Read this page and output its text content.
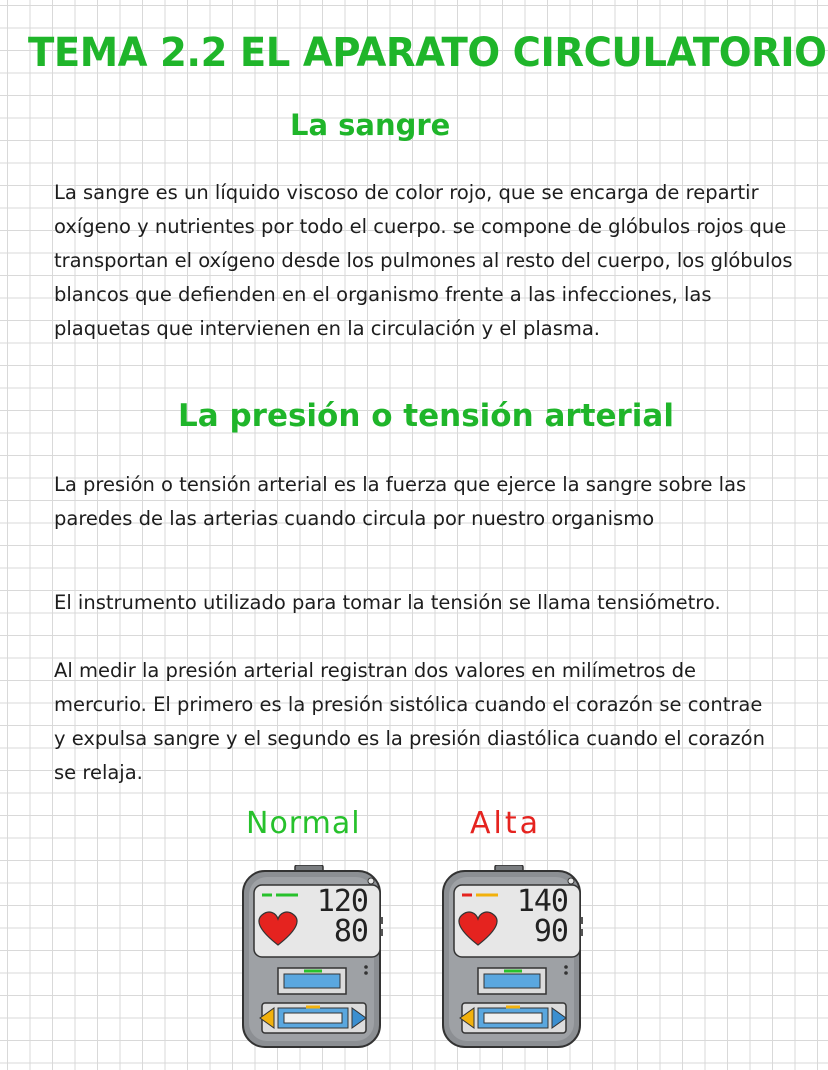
TEMA 2.2 EL APARATO CIRCULATORIO
La sangre

La sangre es un líquido viscoso de color rojo, que se encarga de repartir oxígeno y nutrientes por todo el cuerpo. se compone de glóbulos rojos que transportan el oxígeno desde los pulmones al resto del cuerpo, los glóbulos blancos que defienden en el organismo frente a las infecciones, las plaquetas que intervienen en la circulación y el plasma.

La presión o tensión arterial

La presión o tensión arterial es la fuerza que ejerce la sangre sobre las paredes de las arterias cuando circula por nuestro organismo

El instrumento utilizado para tomar la tensión se llama tensiómetro.

Al medir la presión arterial registran dos valores en milímetros de mercurio. El primero es la presión sistólica cuando el corazón se contrae y expulsa sangre y el segundo es la presión diastólica cuando el corazón se relaja.

Normal	Alta
120
80
140
90
